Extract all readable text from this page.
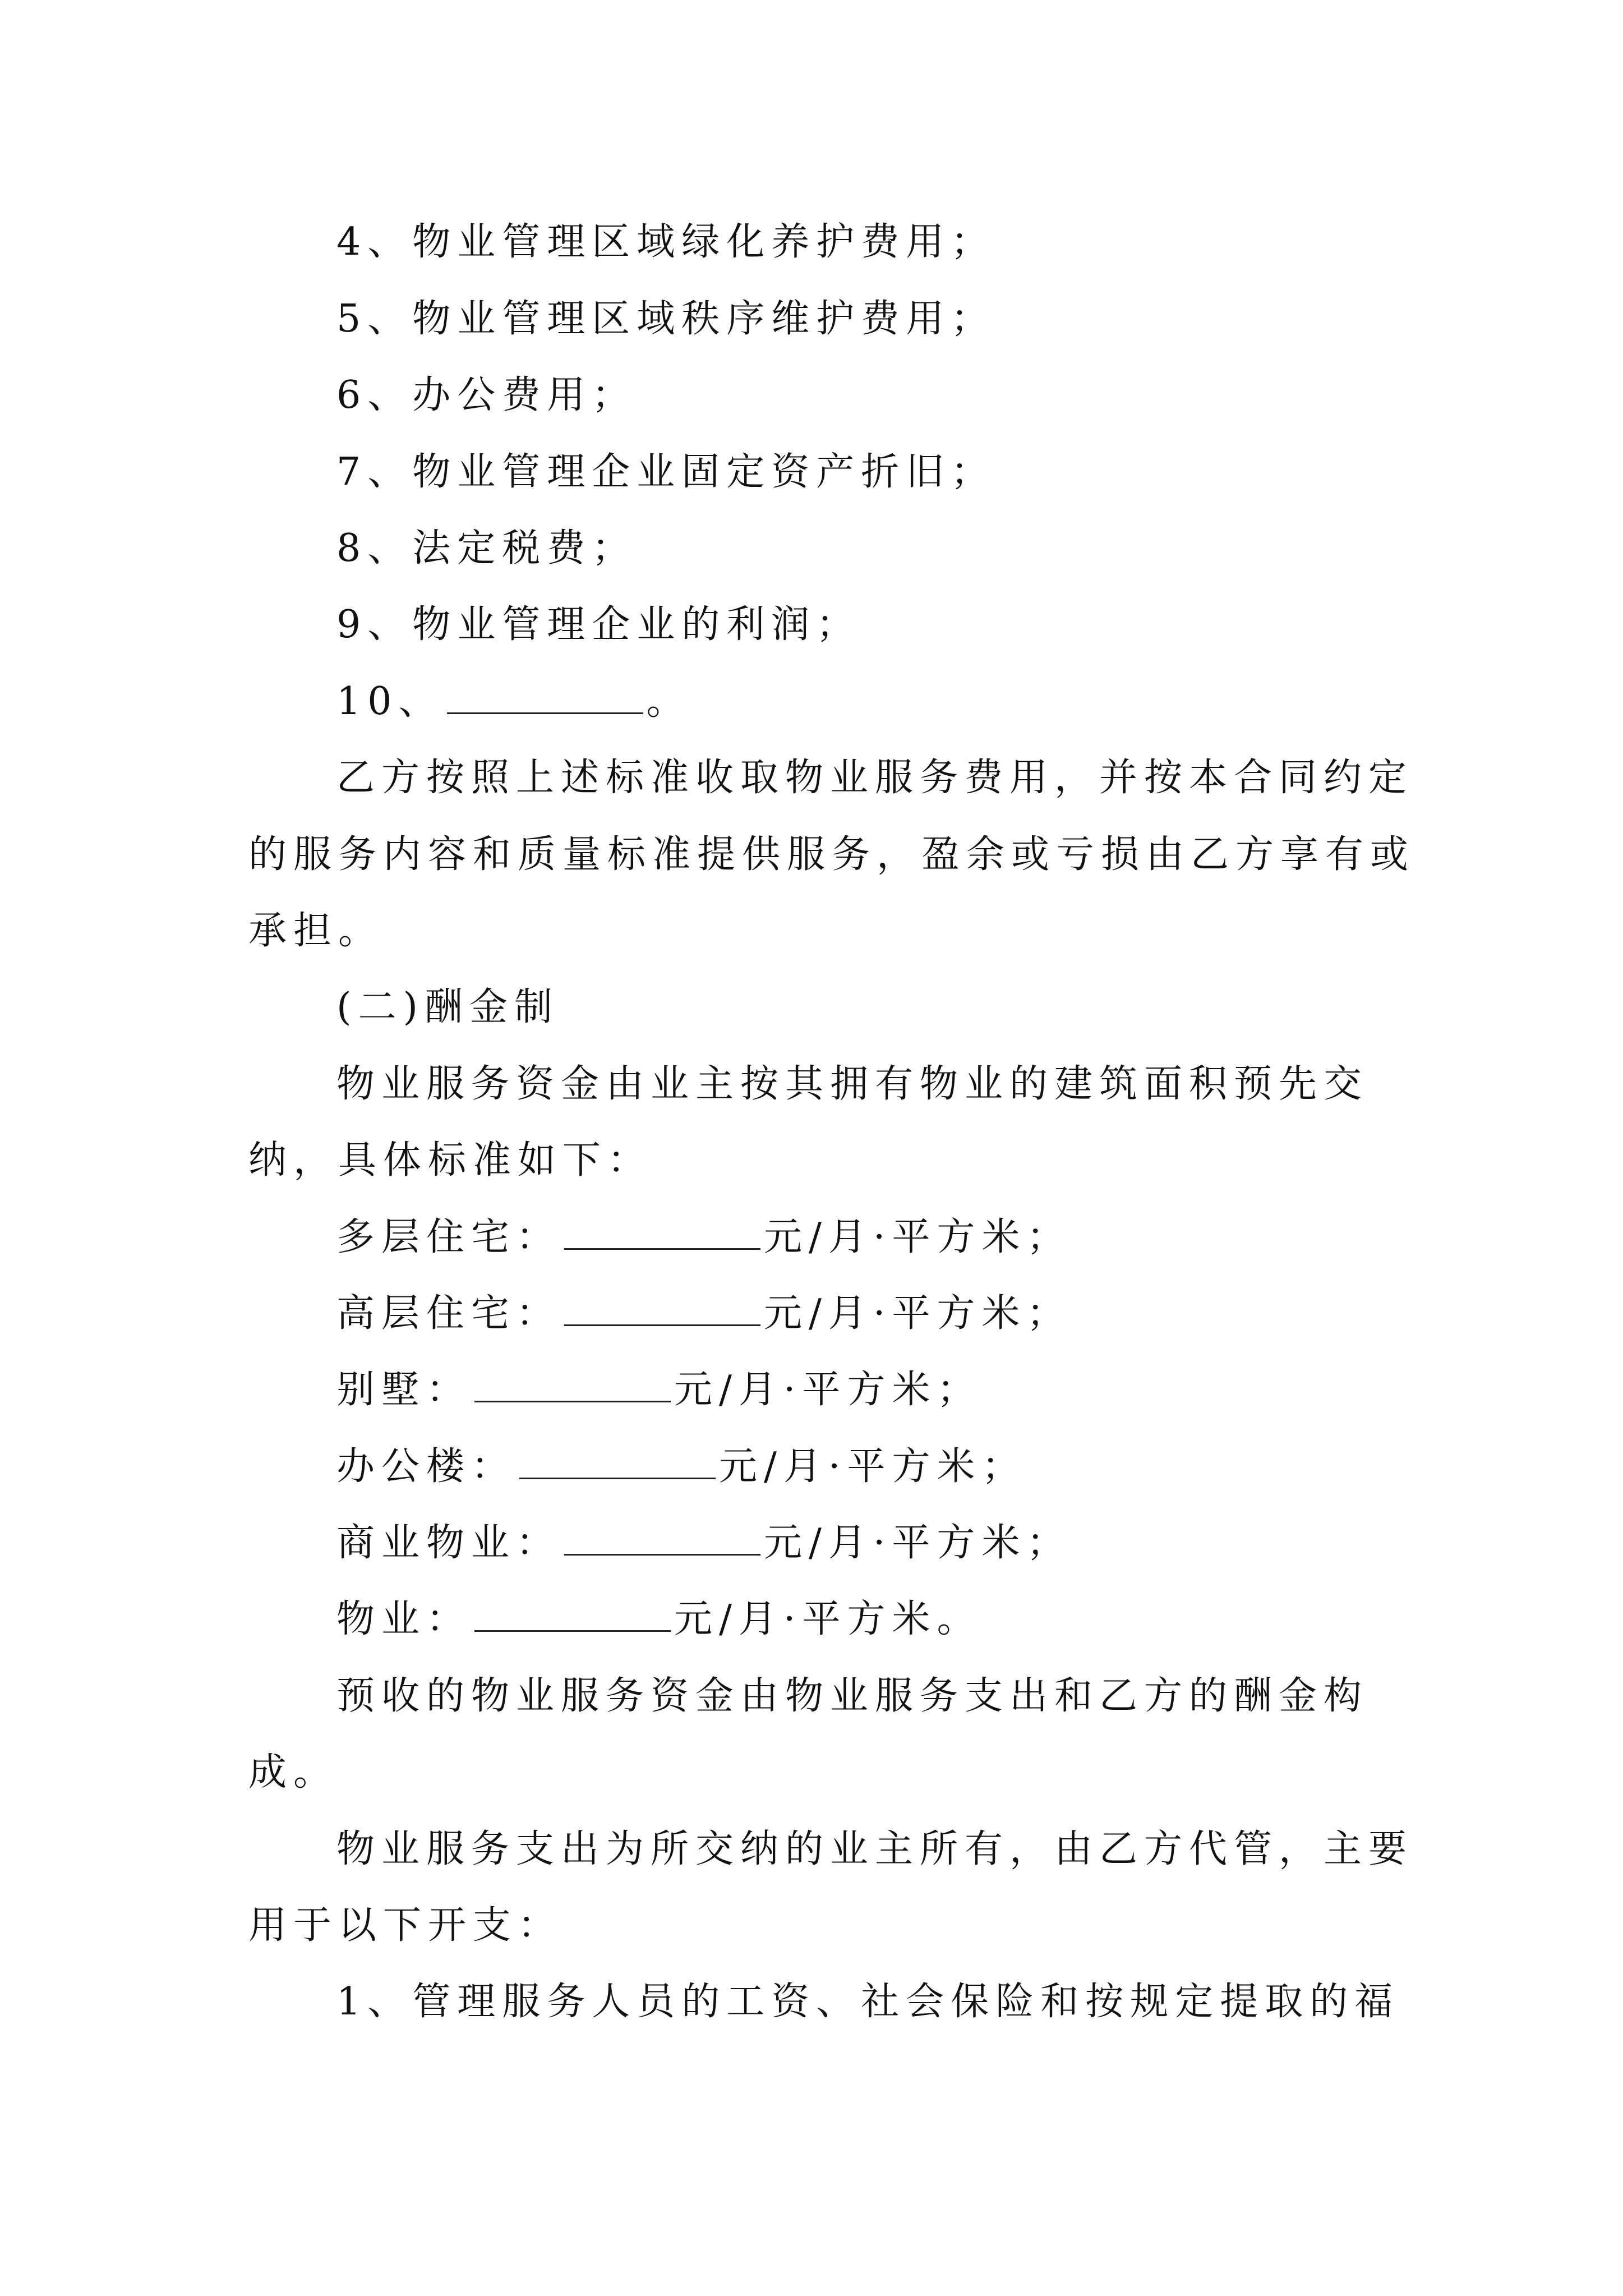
4、物业管理区域绿化养护费用；
5、物业管理区域秩序维护费用；
6、办公费用；
7、物业管理企业固定资产折旧；
8、法定税费；
9、物业管理企业的利润；
10、	。
乙方按照上述标准收取物业服务费用，并按本合同约定
的服务内容和质量标准提供服务，盈余或亏损由乙方享有或
承担。
(二)酬金制
物业服务资金由业主按其拥有物业的建筑面积预先交
纳，具体标准如下：
多层住宅：	元/月·平方米；
高层住宅：	元/月·平方米；
别墅：	元/月·平方米；
办公楼：	元/月·平方米；
商业物业：	元/月·平方米；
物业：	元/月·平方米。
预收的物业服务资金由物业服务支出和乙方的酬金构
成。
物业服务支出为所交纳的业主所有，由乙方代管，主要
用于以下开支：
1、管理服务人员的工资、社会保险和按规定提取的福
